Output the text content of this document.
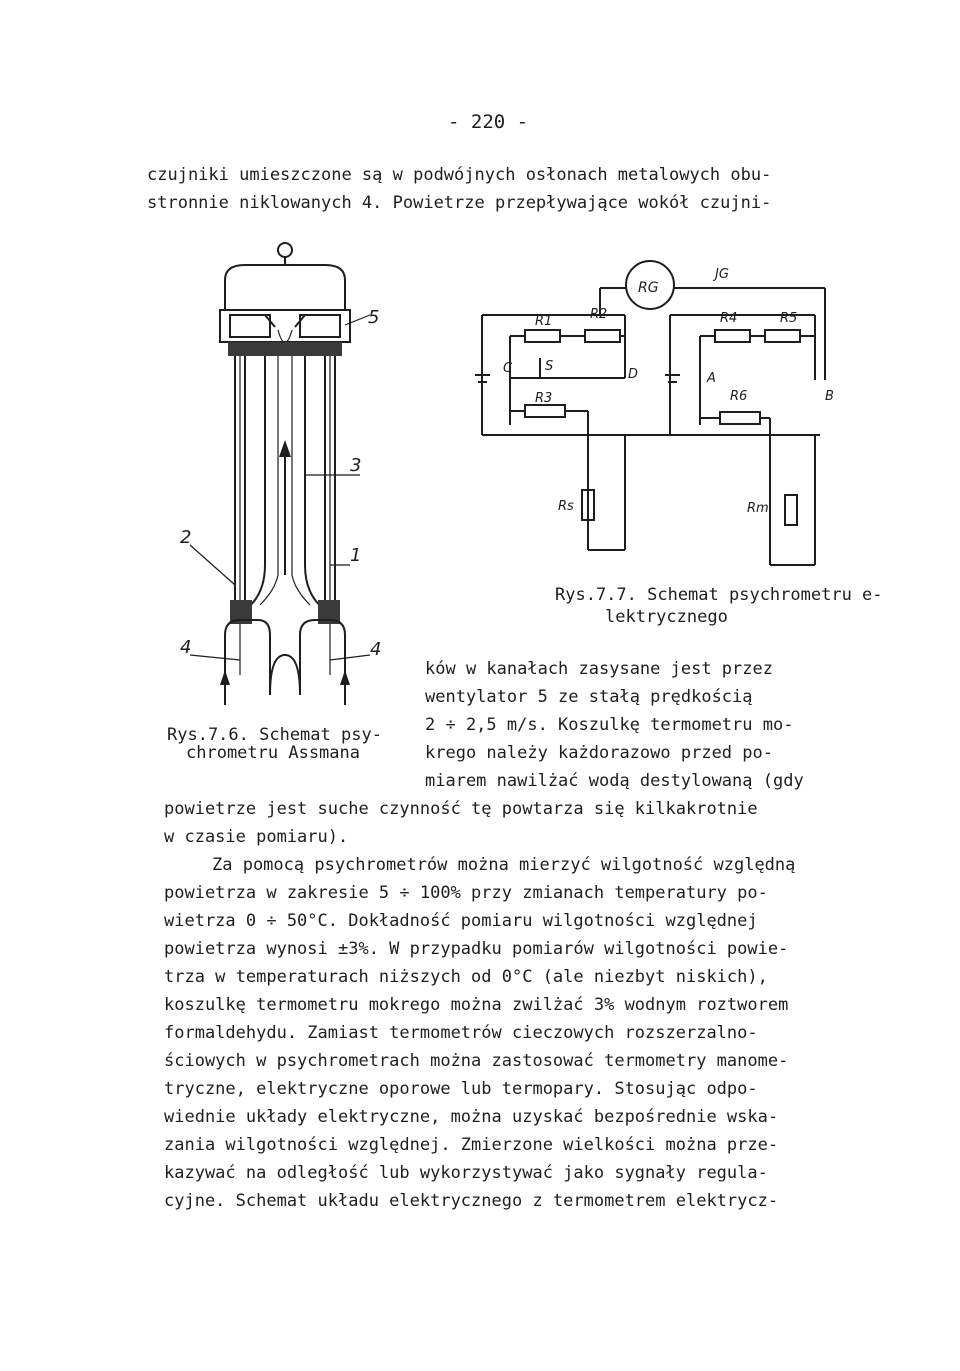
- 220 -
czujniki umieszczone są w podwójnych osłonach metalowych obu-
stronnie niklowanych 4. Powietrze przepływające wokół czujni-
5
3
2
1
4	4
RG
JG
R1	R2
C	S
D
R3
R4	R5
A
B
R6
Rs	Rm
Rys.7.7. Schemat psychrometru e-
lektrycznego
ków w kanałach zasysane jest przez
wentylator 5 ze stałą prędkością
2 ÷ 2,5 m/s. Koszulkę termometru mo-
krego należy każdorazowo przed po-
miarem nawilżać wodą destylowaną (gdy
Rys.7.6. Schemat psy-
chrometru Assmana
powietrze jest suche czynność tę powtarza się kilkakrotnie
w czasie pomiaru).
Za pomocą psychrometrów można mierzyć wilgotność względną
powietrza w zakresie 5 ÷ 100% przy zmianach temperatury po-
wietrza 0 ÷ 50°C. Dokładność pomiaru wilgotności względnej
powietrza wynosi ±3%. W przypadku pomiarów wilgotności powie-
trza w temperaturach niższych od 0°C (ale niezbyt niskich),
koszulkę termometru mokrego można zwilżać 3% wodnym roztworem
formaldehydu. Zamiast termometrów cieczowych rozszerzalno-
ściowych w psychrometrach można zastosować termometry manome-
tryczne, elektryczne oporowe lub termopary. Stosując odpo-
wiednie układy elektryczne, można uzyskać bezpośrednie wska-
zania wilgotności względnej. Zmierzone wielkości można prze-
kazywać na odległość lub wykorzystywać jako sygnały regula-
cyjne. Schemat układu elektrycznego z termometrem elektrycz-
